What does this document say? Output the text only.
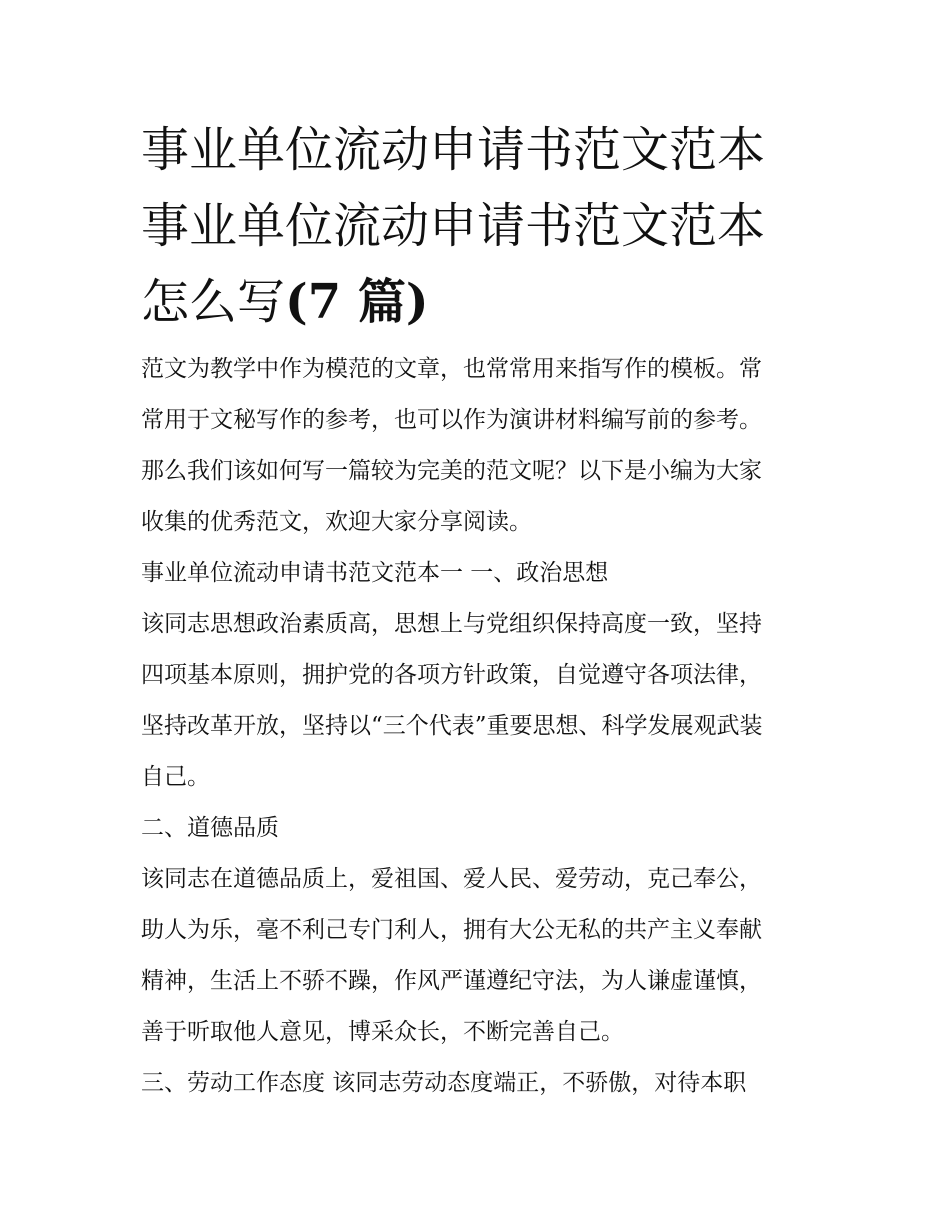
事业单位流动申请书范文范本
事业单位流动申请书范文范本
怎么写(7 篇)
范文为教学中作为模范的文章，也常常用来指写作的模板。常
常用于文秘写作的参考，也可以作为演讲材料编写前的参考。
那么我们该如何写一篇较为完美的范文呢？以下是小编为大家
收集的优秀范文，欢迎大家分享阅读。
事业单位流动申请书范文范本一 一、政治思想
该同志思想政治素质高，思想上与党组织保持高度一致，坚持
四项基本原则，拥护党的各项方针政策，自觉遵守各项法律，
坚持改革开放，坚持以“三个代表”重要思想、科学发展观武装
自己。
二、道德品质
该同志在道德品质上，爱祖国、爱人民、爱劳动，克己奉公，
助人为乐，毫不利己专门利人，拥有大公无私的共产主义奉献
精神，生活上不骄不躁，作风严谨遵纪守法，为人谦虚谨慎，
善于听取他人意见，博采众长，不断完善自己。
三、劳动工作态度 该同志劳动态度端正，不骄傲，对待本职
